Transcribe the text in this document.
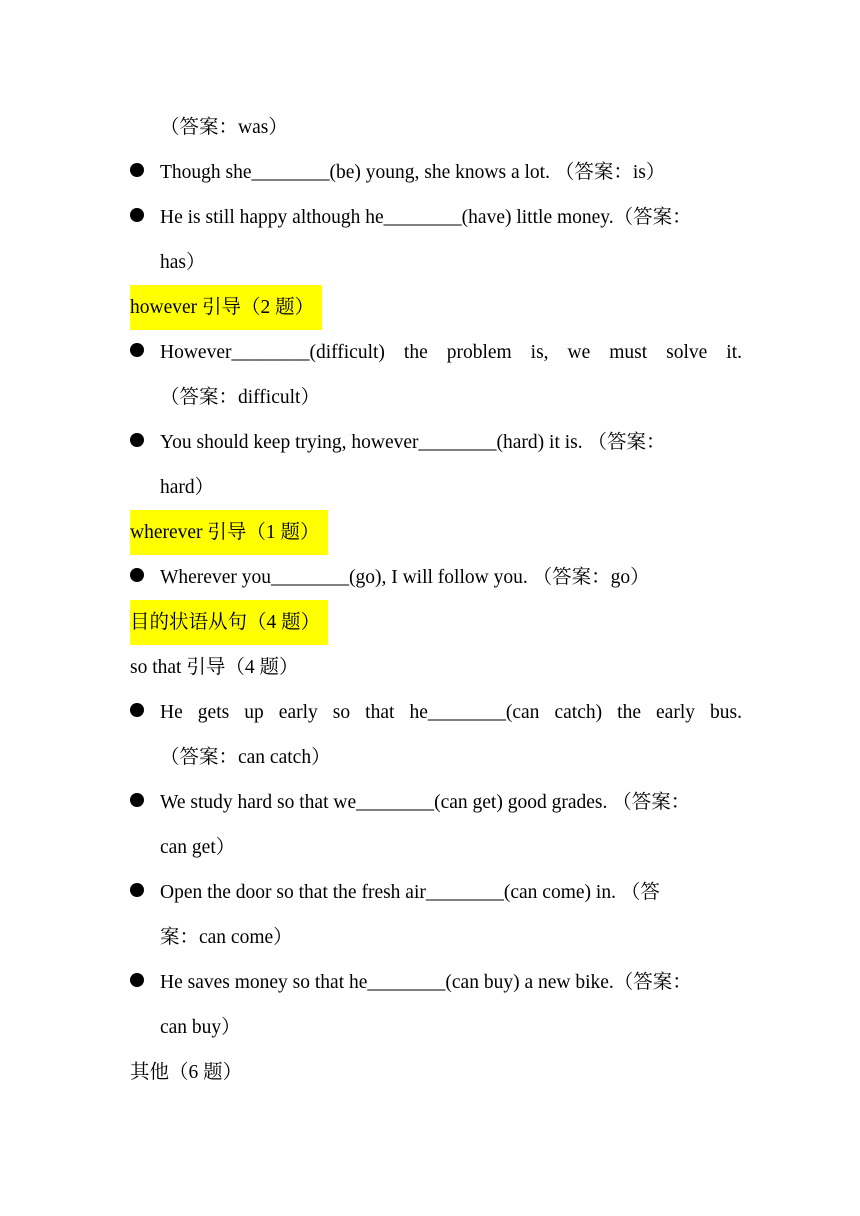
（答案：was）
Though she________(be) young, she knows a lot. （答案：is）
He is still happy although he________(have) little money.（答案：
has）
however 引导（2 题）
However________(difficult) the problem is, we must solve it.
（答案：difficult）
You should keep trying, however________(hard) it is. （答案：
hard）
wherever 引导（1 题）
Wherever you________(go), I will follow you. （答案：go）
目的状语从句（4 题）
so that 引导（4 题）
He gets up early so that he________(can catch) the early bus.
（答案：can catch）
We study hard so that we________(can get) good grades. （答案：
can get）
Open the door so that the fresh air________(can come) in. （答
案：can come）
He saves money so that he________(can buy) a new bike.（答案：
can buy）
其他（6 题）
